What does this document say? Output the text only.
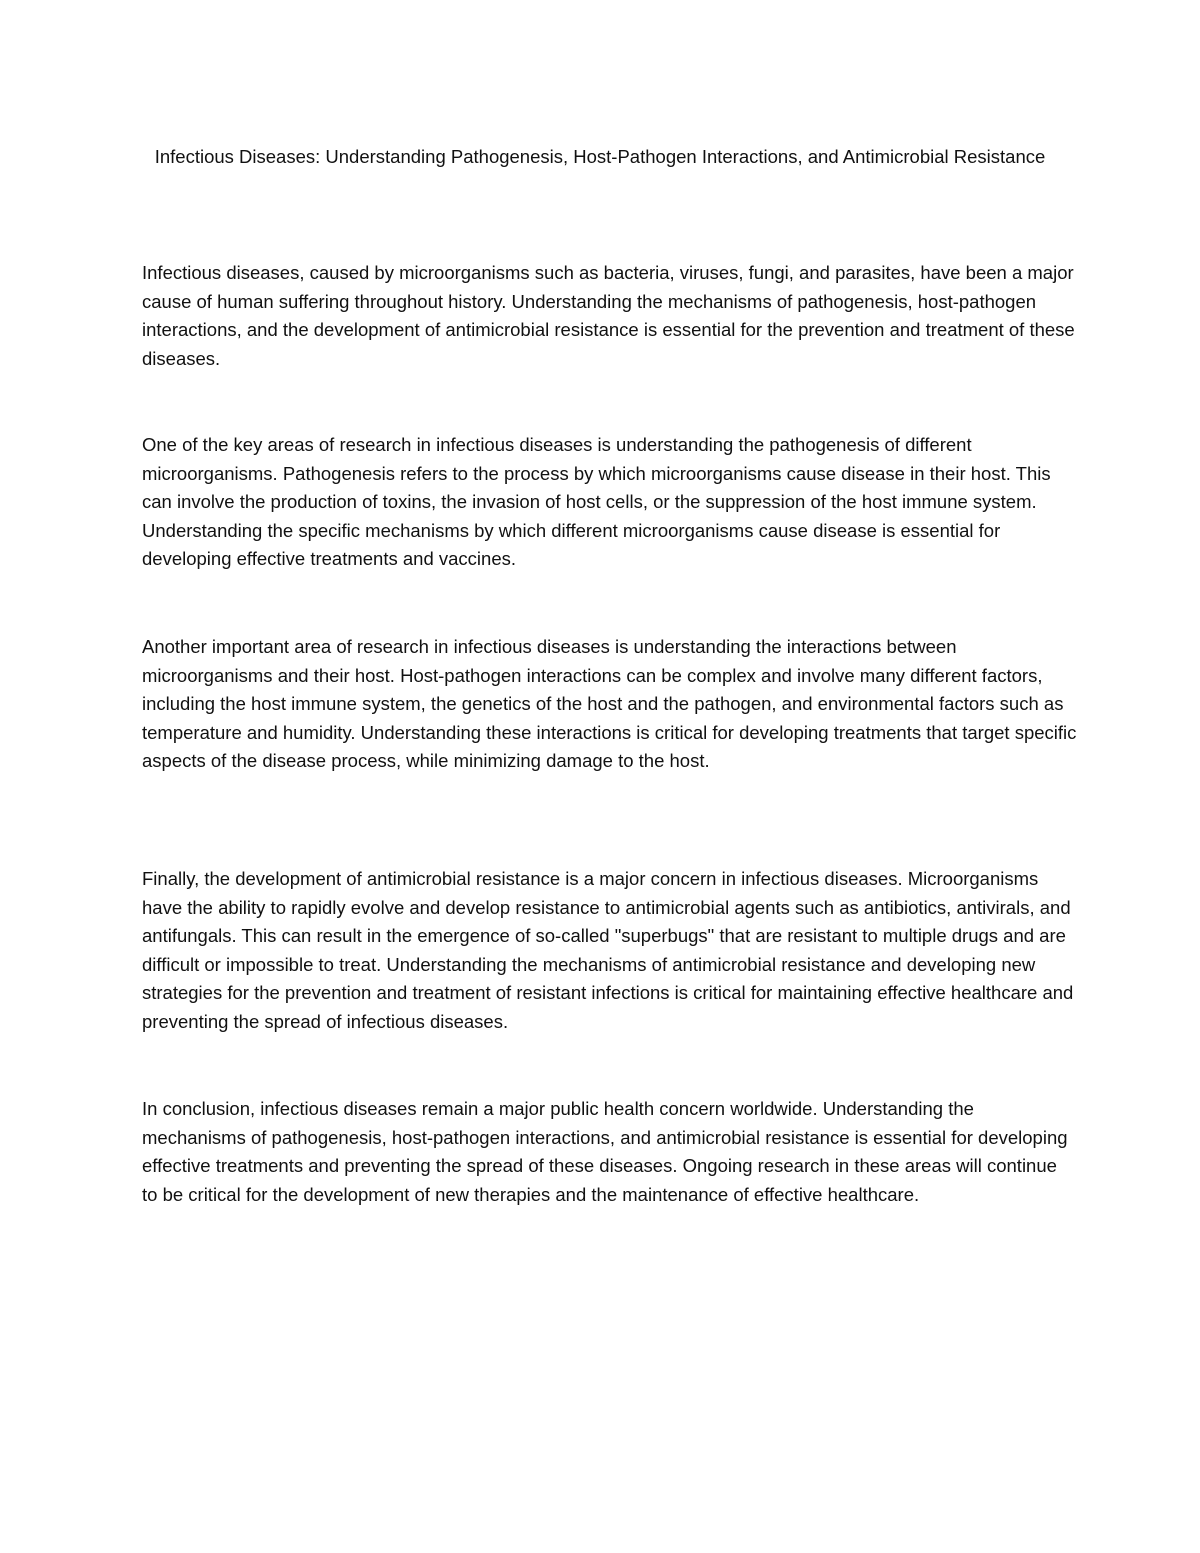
Infectious Diseases: Understanding Pathogenesis, Host-Pathogen Interactions, and Antimicrobial Resistance

Infectious diseases, caused by microorganisms such as bacteria, viruses, fungi, and parasites, have been a major cause of human suffering throughout history. Understanding the mechanisms of pathogenesis, host-pathogen interactions, and the development of antimicrobial resistance is essential for the prevention and treatment of these diseases.

One of the key areas of research in infectious diseases is understanding the pathogenesis of different microorganisms. Pathogenesis refers to the process by which microorganisms cause disease in their host. This can involve the production of toxins, the invasion of host cells, or the suppression of the host immune system. Understanding the specific mechanisms by which different microorganisms cause disease is essential for developing effective treatments and vaccines.

Another important area of research in infectious diseases is understanding the interactions between microorganisms and their host. Host-pathogen interactions can be complex and involve many different factors, including the host immune system, the genetics of the host and the pathogen, and environmental factors such as temperature and humidity. Understanding these interactions is critical for developing treatments that target specific aspects of the disease process, while minimizing damage to the host.

Finally, the development of antimicrobial resistance is a major concern in infectious diseases. Microorganisms have the ability to rapidly evolve and develop resistance to antimicrobial agents such as antibiotics, antivirals, and antifungals. This can result in the emergence of so-called "superbugs" that are resistant to multiple drugs and are difficult or impossible to treat. Understanding the mechanisms of antimicrobial resistance and developing new strategies for the prevention and treatment of resistant infections is critical for maintaining effective healthcare and preventing the spread of infectious diseases.

In conclusion, infectious diseases remain a major public health concern worldwide. Understanding the mechanisms of pathogenesis, host-pathogen interactions, and antimicrobial resistance is essential for developing effective treatments and preventing the spread of these diseases. Ongoing research in these areas will continue to be critical for the development of new therapies and the maintenance of effective healthcare.
